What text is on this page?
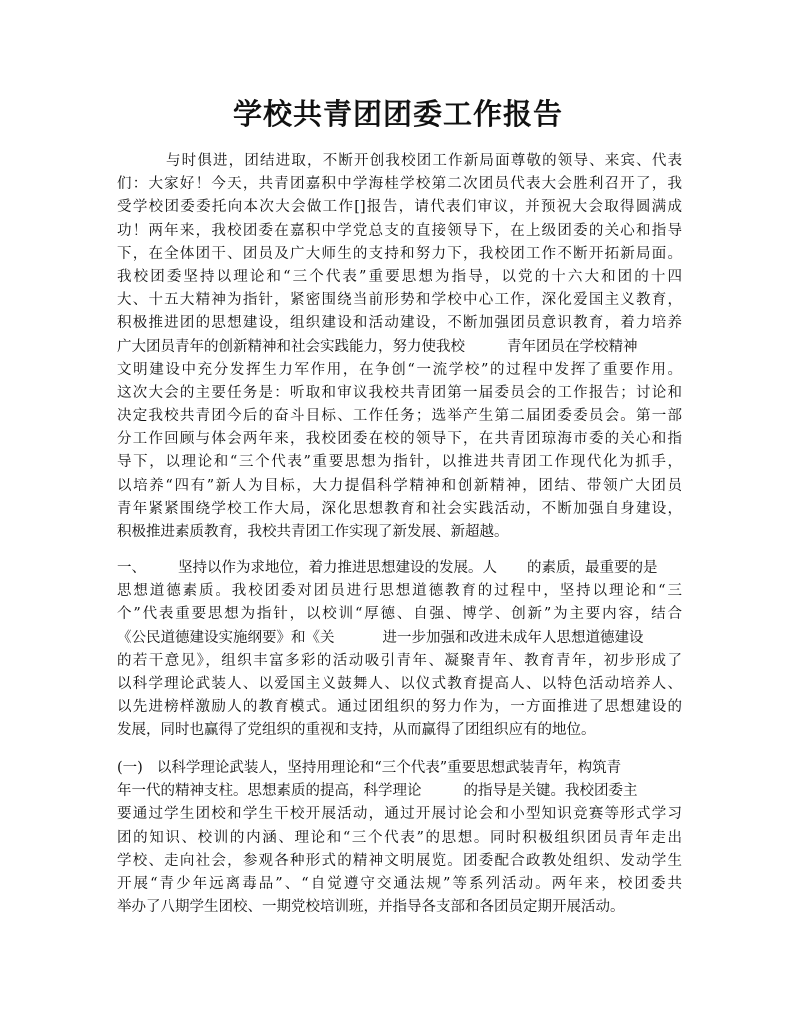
学校共青团团委工作报告
与时俱进，团结进取，不断开创我校团工作新局面尊敬的领导、来宾、代表
们：大家好！今天，共青团嘉积中学海桂学校第二次团员代表大会胜利召开了，我
受学校团委委托向本次大会做工作[]报告，请代表们审议，并预祝大会取得圆满成
功！两年来，我校团委在嘉积中学党总支的直接领导下，在上级团委的关心和指导
下，在全体团干、团员及广大师生的支持和努力下，我校团工作不断开拓新局面。
我校团委坚持以理论和“三个代表”重要思想为指导，以党的十六大和团的十四
大、十五大精神为指针，紧密围绕当前形势和学校中心工作，深化爱国主义教育，
积极推进团的思想建设，组织建设和活动建设，不断加强团员意识教育，着力培养
广大团员青年的创新精神和社会实践能力，努力使我校	青年团员在学校精神
文明建设中充分发挥生力军作用，在争创“一流学校”的过程中发挥了重要作用。
这次大会的主要任务是：听取和审议我校共青团第一届委员会的工作报告；讨论和
决定我校共青团今后的奋斗目标、工作任务；选举产生第二届团委委员会。第一部
分工作回顾与体会两年来，我校团委在校的领导下，在共青团琼海市委的关心和指
导下，以理论和“三个代表”重要思想为指针，以推进共青团工作现代化为抓手，
以培养“四有”新人为目标，大力提倡科学精神和创新精神，团结、带领广大团员
青年紧紧围绕学校工作大局，深化思想教育和社会实践活动，不断加强自身建设，
积极推进素质教育，我校共青团工作实现了新发展、新超越。
一、 坚持以作为求地位，着力推进思想建设的发展。人 的素质，最重要的是
思想道德素质。我校团委对团员进行思想道德教育的过程中，坚持以理论和“三
个”代表重要思想为指针，以校训“厚德、自强、博学、创新”为主要内容，结合
《公民道德建设实施纲要》和《关	进一步加强和改进未成年人思想道德建设
的若干意见》，组织丰富多彩的活动吸引青年、凝聚青年、教育青年，初步形成了
以科学理论武装人、以爱国主义鼓舞人、以仪式教育提高人、以特色活动培养人、
以先进榜样激励人的教育模式。通过团组织的努力作为，一方面推进了思想建设的
发展，同时也赢得了党组织的重视和支持，从而赢得了团组织应有的地位。
(一) 以科学理论武装人，坚持用理论和“三个代表”重要思想武装青年，构筑青
年一代的精神支柱。思想素质的提高，科学理论	的指导是关键。我校团委主
要通过学生团校和学生干校开展活动，通过开展讨论会和小型知识竞赛等形式学习
团的知识、校训的内涵、理论和“三个代表”的思想。同时积极组织团员青年走出
学校、走向社会，参观各种形式的精神文明展览。团委配合政教处组织、发动学生
开展“青少年远离毒品”、“自觉遵守交通法规”等系列活动。两年来，校团委共
举办了八期学生团校、一期党校培训班，并指导各支部和各团员定期开展活动。
